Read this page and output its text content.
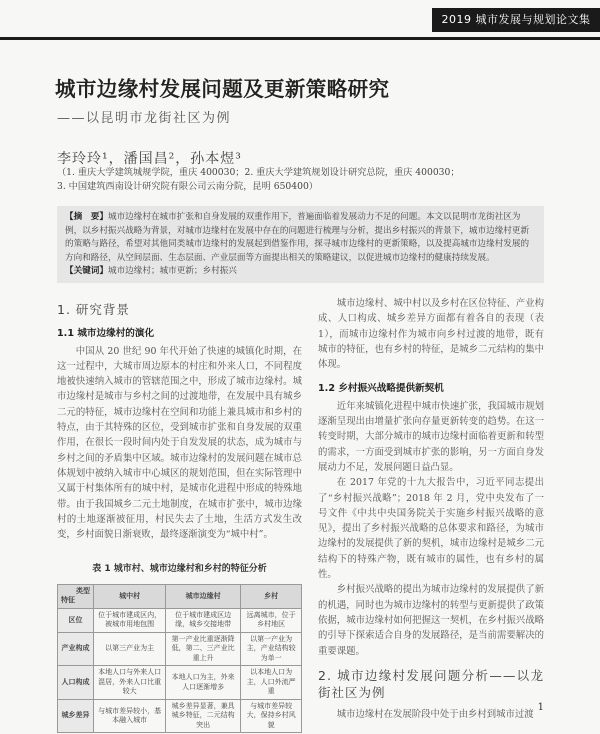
2019 城市发展与规划论文集
城市边缘村发展问题及更新策略研究
——以昆明市龙街社区为例
李玲玲¹，潘国昌²，孙本煜³
（1. 重庆大学建筑城规学院，重庆 400030；2. 重庆大学建筑规划设计研究总院，重庆 400030；
3. 中国建筑西南设计研究院有限公司云南分院，昆明 650400）
【摘　要】城市边缘村在城市扩张和自身发展的双重作用下，普遍面临着发展动力不足的问题。本文以昆明市龙街社区为例，以乡村振兴战略为背景，对城市边缘村在发展中存在的问题进行梳理与分析，提出乡村振兴的背景下，城市边缘村更新的策略与路径，希望对其他同类城市边缘村的发展起到借鉴作用，探寻城市边缘村的更新策略，以及提高城市边缘村发展的方向和路径，从空间层面、生态层面、产业层面等方面提出相关的策略建议，以促进城市边缘村的健康持续发展。
【关键词】城市边缘村；城市更新；乡村振兴
1. 研究背景
1.1 城市边缘村的演化
中国从 20 世纪 90 年代开始了快速的城镇化时期，在这一过程中，大城市周边原本的村庄和外来人口，不同程度地被快速纳入城市的管辖范围之中，形成了城市边缘村。城市边缘村是城市与乡村之间的过渡地带，在发展中具有城乡二元的特征，城市边缘村在空间和功能上兼具城市和乡村的特点，由于其特殊的区位，受到城市扩张和自身发展的双重作用，在很长一段时间内处于自发发展的状态，成为城市与乡村之间的矛盾集中区域。城市边缘村的发展问题在城市总体规划中被纳入城市中心城区的规划范围，但在实际管理中又属于村集体所有的城中村，是城市化进程中形成的特殊地带。由于我国城乡二元土地制度，在城市扩张中，城市边缘村的土地逐渐被征用，村民失去了土地，生活方式发生改变，乡村面貌日渐衰败，最终逐渐演变为“城中村”。
表 1 城市村、城市边缘村和乡村的特征分析
类型
特征	城中村	城市边缘村	乡村
区位	位于城市建成区内，被城市用地包围	位于城市建成区边缘，城乡交接地带	远离城市，位于乡村地区
产业构成	以第三产业为主	第一产业比重逐渐降低，第二、三产业比重上升	以第一产业为主，产业结构较为单一
人口构成	本地人口与外来人口混居，外来人口比重较大	本地人口为主，外来人口逐渐增多	以本地人口为主，人口外流严重
城乡差异	与城市差异较小，基本融入城市	城乡差异显著，兼具城乡特征，二元结构突出	与城市差异较大，保持乡村风貌
城市边缘村、城中村以及乡村在区位特征、产业构成、人口构成、城乡差异方面都有着各自的表现（表 1），而城市边缘村作为城市向乡村过渡的地带，既有城市的特征，也有乡村的特征，是城乡二元结构的集中体现。
1.2 乡村振兴战略提供新契机
近年来城镇化进程中城市快速扩张，我国城市规划逐渐呈现出由增量扩张向存量更新转变的趋势。在这一转变时期，大部分城市的城市边缘村面临着更新和转型的需求，一方面受到城市扩张的影响，另一方面自身发展动力不足，发展问题日益凸显。
在 2017 年党的十九大报告中，习近平同志提出了“乡村振兴战略”；2018 年 2 月，党中央发布了一号文件《中共中央国务院关于实施乡村振兴战略的意见》，提出了乡村振兴战略的总体要求和路径，为城市边缘村的发展提供了新的契机，城市边缘村是城乡二元结构下的特殊产物，既有城市的属性，也有乡村的属性。
乡村振兴战略的提出为城市边缘村的发展提供了新的机遇，同时也为城市边缘村的转型与更新提供了政策依据，城市边缘村如何把握这一契机，在乡村振兴战略的引导下探索适合自身的发展路径，是当前需要解决的重要课题。
2. 城市边缘村发展问题分析——以龙街社区为例
城市边缘村在发展阶段中处于由乡村到城市过渡
1
